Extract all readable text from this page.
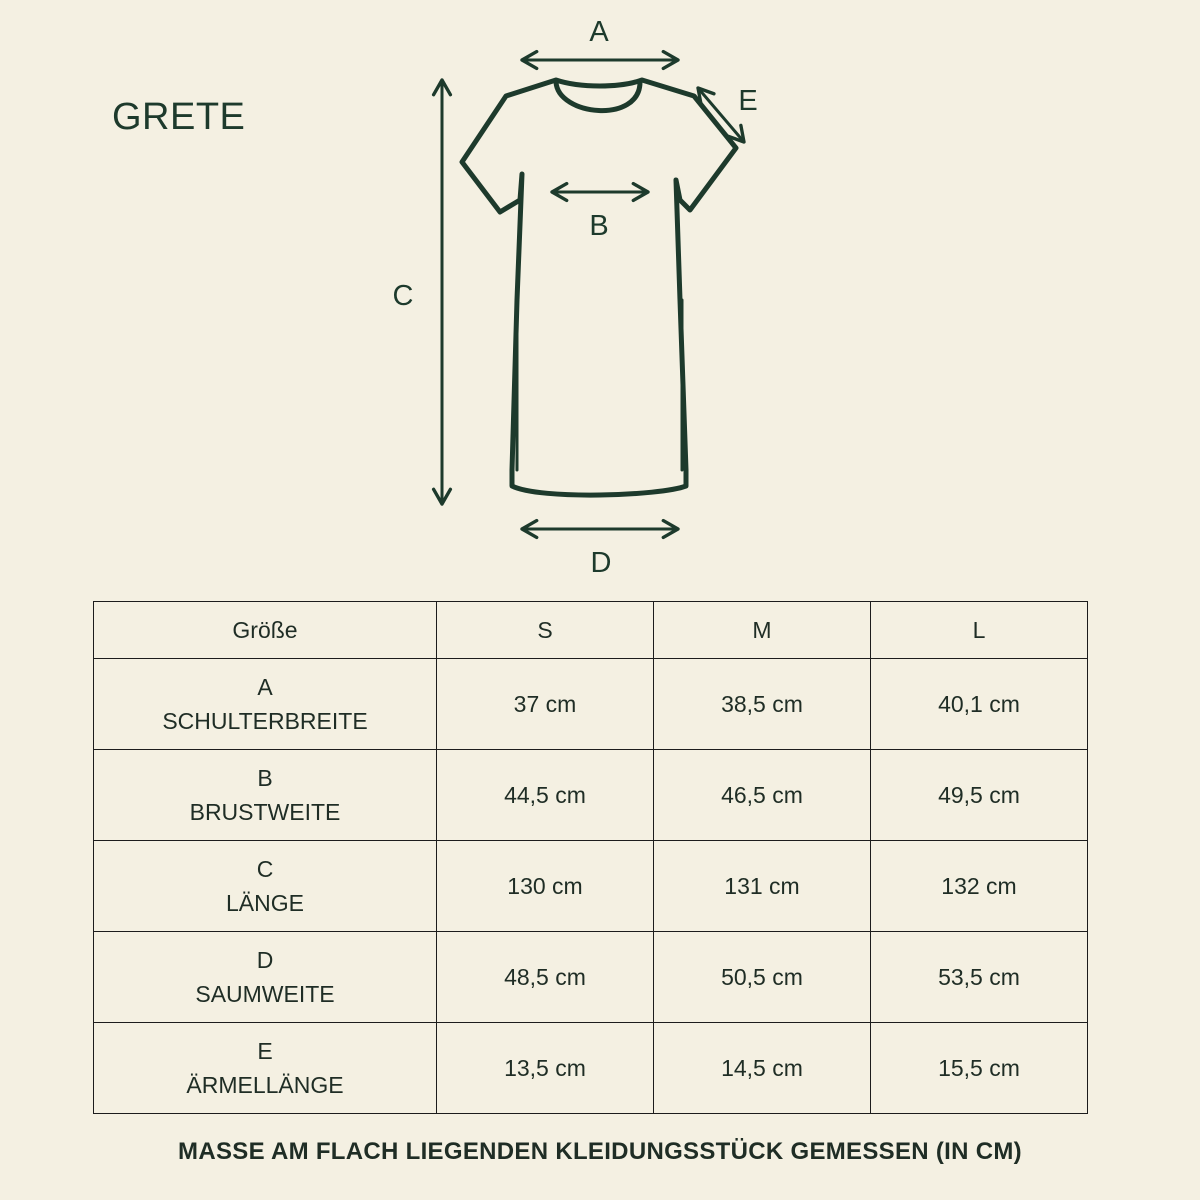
GRETE
A
B
C
D
E
Größe	S	M	L

A
SCHULTERBREITE	37 cm	38,5 cm	40,1 cm

B
BRUSTWEITE	44,5 cm	46,5 cm	49,5 cm

C
LÄNGE	130 cm	131 cm	132 cm

D
SAUMWEITE	48,5 cm	50,5 cm	53,5 cm

E
ÄRMELLÄNGE	13,5 cm	14,5 cm	15,5 cm
MASSE AM FLACH LIEGENDEN KLEIDUNGSSTÜCK GEMESSEN (IN CM)
